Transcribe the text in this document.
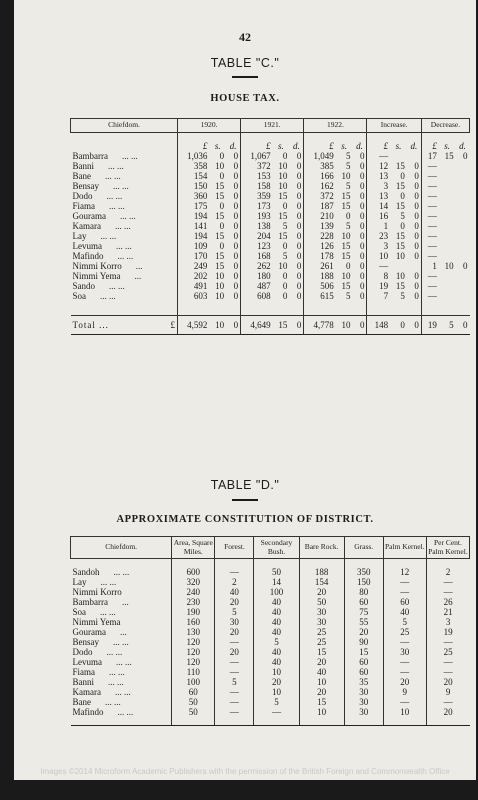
42
TABLE "C."
HOUSE TAX.
Chiefdom.	1920.			1921.			1922.			Increase.			Decrease.		
	£	s.	d.	£	s.	d.	£	s.	d.	£	s.	d.	£	s.	d.
Bambarra ... ...	1,036	0	0	1,067	0	0	1,049	5	0	—			17	15	0
Banni ... ...	358	10	0	372	10	0	385	5	0	12	15	0	—		
Bane ... ...	154	0	0	153	10	0	166	10	0	13	0	0	—		
Bensay ... ...	150	15	0	158	10	0	162	5	0	3	15	0	—		
Dodo ... ...	360	15	0	359	15	0	372	15	0	13	0	0	—		
Fiama ... ...	175	0	0	173	0	0	187	15	0	14	15	0	—		
Gourama ... ...	194	15	0	193	15	0	210	0	0	16	5	0	—		
Kamara ... ...	141	0	0	138	5	0	139	5	0	1	0	0	—		
Lay ... ...	194	15	0	204	15	0	228	10	0	23	15	0	—		
Levuma ... ...	109	0	0	123	0	0	126	15	0	3	15	0	—		
Mafindo ... ...	170	15	0	168	5	0	178	15	0	10	10	0	—		
Nimmi Korro ...	249	15	0	262	10	0	261	0	0	—			1	10	0
Nimmi Yema ...	202	10	0	180	0	0	188	10	0	8	10	0	—		
Sando ... ...	491	10	0	487	0	0	506	15	0	19	15	0	—		
Soa ... ...	603	10	0	608	0	0	615	5	0	7	5	0	—		

Total ... £	4,592	10	0	4,649	15	0	4,778	10	0	148	0	0	19	5	0
TABLE "D."
APPROXIMATE CONSTITUTION OF DISTRICT.
Chiefdom.	Area, Square Miles.	Forest.	Secondary Bush.	Bare Rock.	Grass.	Palm Kernel.	Per Cent. Palm Kernel.

Sandoh ... ...	600	—	50	188	350	12	2
Lay ... ...	320	2	14	154	150	—	—
Nimmi Korro	240	40	100	20	80	—	—
Bambarra ...	230	20	40	50	60	60	26
Soa ... ...	190	5	40	30	75	40	21
Nimmi Yema	160	30	40	30	55	5	3
Gourama ...	130	20	40	25	20	25	19
Bensay ... ...	120	—	5	25	90	—	—
Dodo ... ...	120	20	40	15	15	30	25
Levuma ... ...	120	—	40	20	60	—	—
Fiama ... ...	110	—	10	40	60	—	—
Banni ... ...	100	5	20	10	35	20	20
Kamara ... ...	60	—	10	20	30	9	9
Bane ... ...	50	—	5	15	30	—	—
Mafindo ... ...	50	—	—	10	30	10	20

Images ©2014 Microform Academic Publishers with the permission of the British Foreign and Commonwealth Office
